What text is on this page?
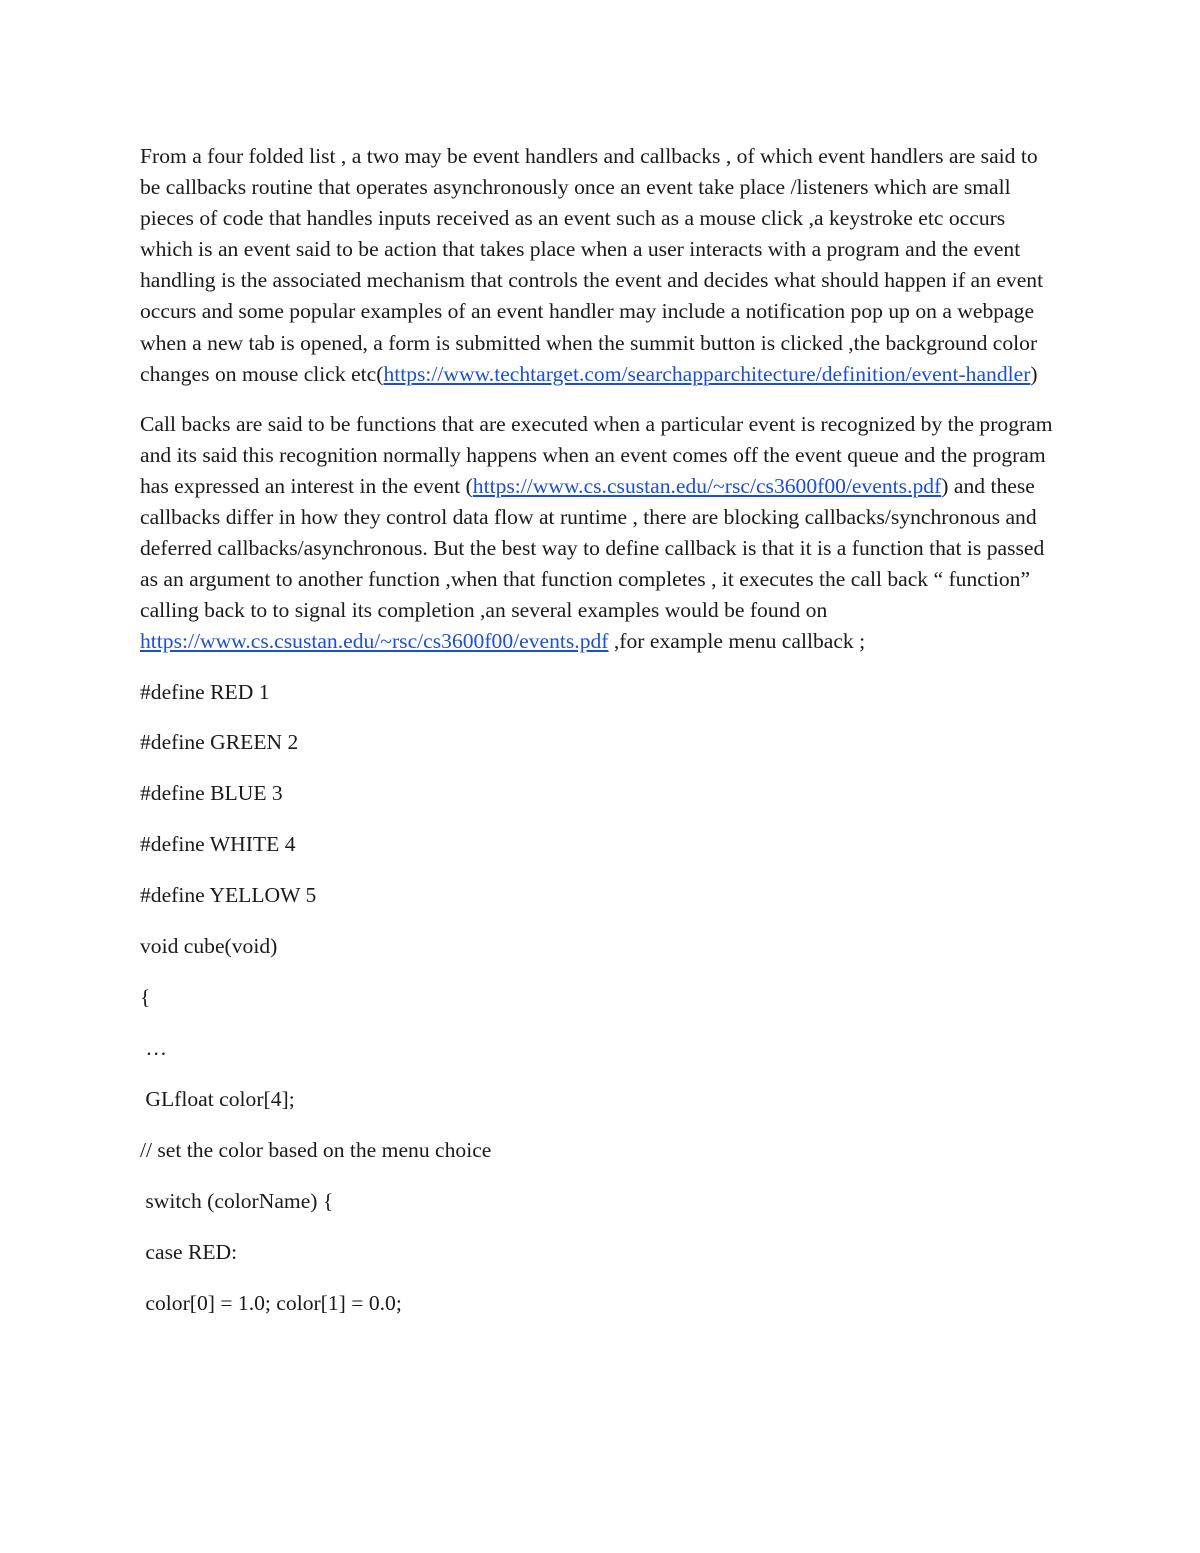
From a four folded list , a two may be event handlers and callbacks , of which event handlers are said to be callbacks routine that operates asynchronously once an event take place /listeners which are small pieces of code that handles inputs received as an event such as a mouse click ,a keystroke etc occurs which is an event said to be action that takes place when a user interacts with a program and the event handling is the associated mechanism that controls the event and decides what should happen if an event occurs and some popular examples of an event handler may include a notification pop up on a webpage when a new tab is opened, a form is submitted when the summit button is clicked ,the background color changes on mouse click etc(https://www.techtarget.com/searchapparchitecture/definition/event-handler)

Call backs are said to be functions that are executed when a particular event is recognized by the program and its said this recognition normally happens when an event comes off the event queue and the program has expressed an interest in the event (https://www.cs.csustan.edu/~rsc/cs3600f00/events.pdf) and these callbacks differ in how they control data flow at runtime , there are blocking callbacks/synchronous and deferred callbacks/asynchronous. But the best way to define callback is that it is a function that is passed as an argument to another function ,when that function completes , it executes the call back “ function” calling back to to signal its completion ,an several examples would be found on https://www.cs.csustan.edu/~rsc/cs3600f00/events.pdf ,for example menu callback ;

#define RED 1
#define GREEN 2
#define BLUE 3
#define WHITE 4
#define YELLOW 5
void cube(void)
{
…
GLfloat color[4];
// set the color based on the menu choice
switch (colorName) {
case RED:
color[0] = 1.0; color[1] = 0.0;
